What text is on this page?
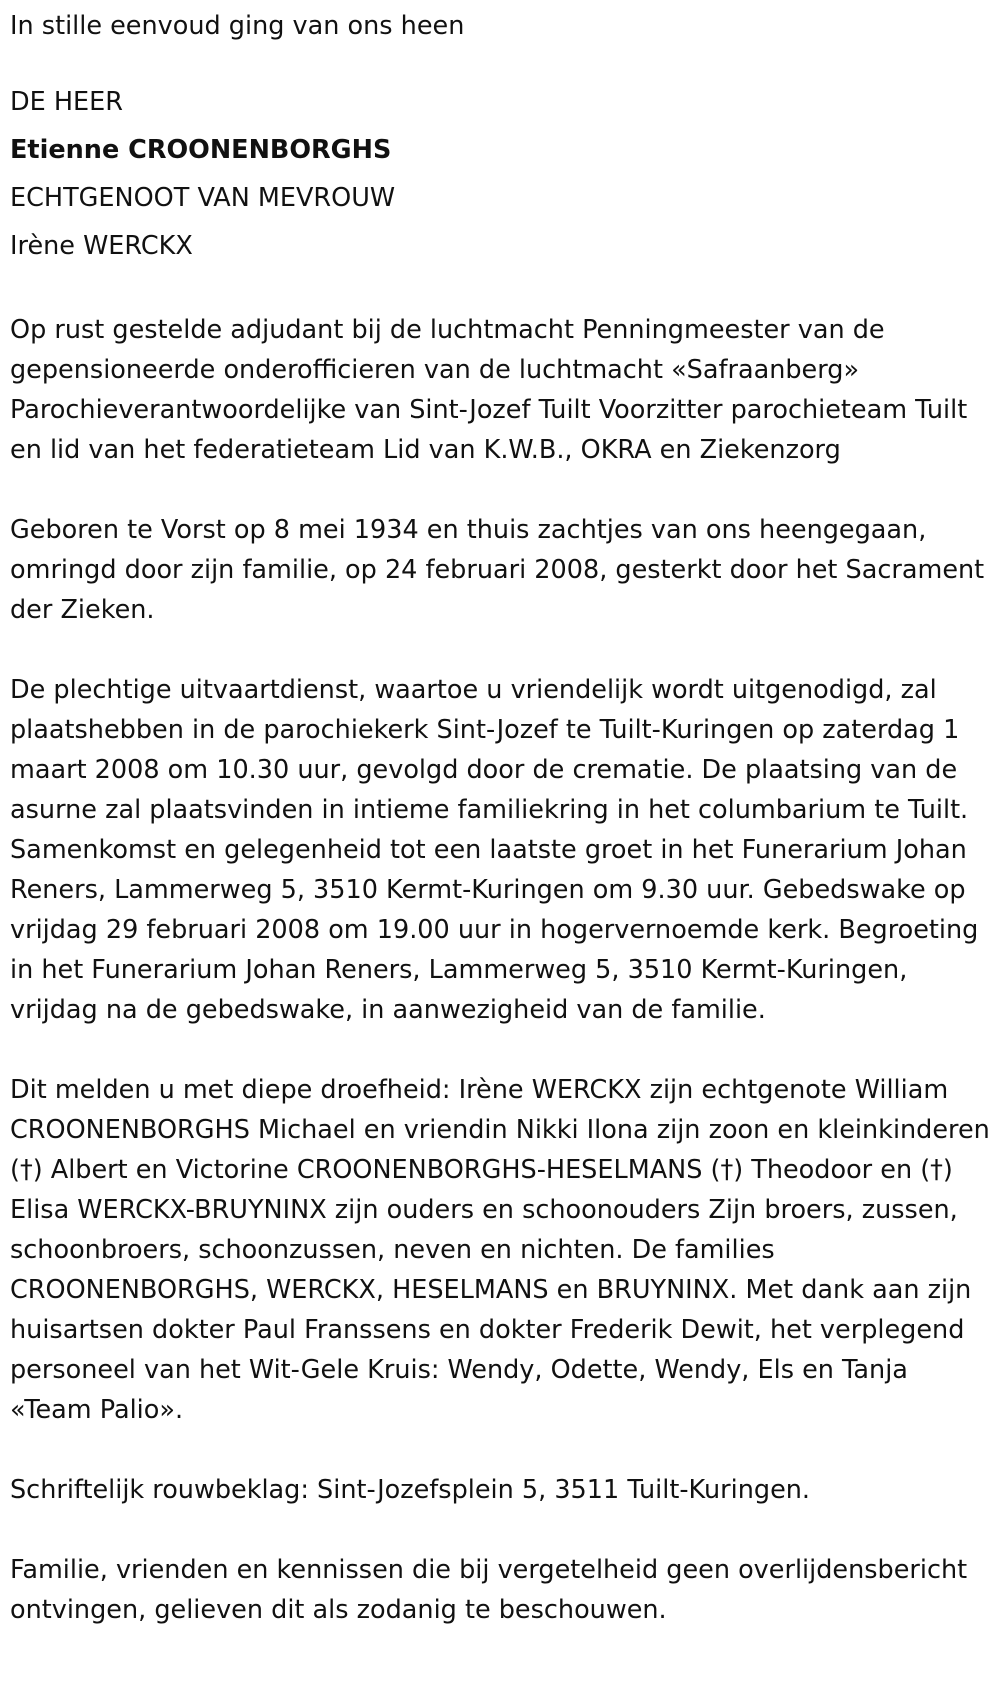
In stille eenvoud ging van ons heen

DE HEER

Etienne CROONENBORGHS

ECHTGENOOT VAN MEVROUW

Irène WERCKX

Op rust gestelde adjudant bij de luchtmacht Penningmeester van de gepensioneerde onderofficieren van de luchtmacht «Safraanberg» Parochieverantwoordelijke van Sint-Jozef Tuilt Voorzitter parochieteam Tuilt en lid van het federatieteam Lid van K.W.B., OKRA en Ziekenzorg

Geboren te Vorst op 8 mei 1934 en thuis zachtjes van ons heengegaan, omringd door zijn familie, op 24 februari 2008, gesterkt door het Sacrament der Zieken.

De plechtige uitvaartdienst, waartoe u vriendelijk wordt uitgenodigd, zal plaatshebben in de parochiekerk Sint-Jozef te Tuilt-Kuringen op zaterdag 1 maart 2008 om 10.30 uur, gevolgd door de crematie. De plaatsing van de asurne zal plaatsvinden in intieme familiekring in het columbarium te Tuilt. Samenkomst en gelegenheid tot een laatste groet in het Funerarium Johan Reners, Lammerweg 5, 3510 Kermt-Kuringen om 9.30 uur. Gebedswake op vrijdag 29 februari 2008 om 19.00 uur in hogervernoemde kerk. Begroeting in het Funerarium Johan Reners, Lammerweg 5, 3510 Kermt-Kuringen, vrijdag na de gebedswake, in aanwezigheid van de familie.

Dit melden u met diepe droefheid: Irène WERCKX zijn echtgenote William CROONENBORGHS Michael en vriendin Nikki Ilona zijn zoon en kleinkinderen (†) Albert en Victorine CROONENBORGHS-HESELMANS (†) Theodoor en (†) Elisa WERCKX-BRUYNINX zijn ouders en schoonouders Zijn broers, zussen, schoonbroers, schoonzussen, neven en nichten. De families CROONENBORGHS, WERCKX, HESELMANS en BRUYNINX. Met dank aan zijn huisartsen dokter Paul Franssens en dokter Frederik Dewit, het verplegend personeel van het Wit-Gele Kruis: Wendy, Odette, Wendy, Els en Tanja «Team Palio».

Schriftelijk rouwbeklag: Sint-Jozefsplein 5, 3511 Tuilt-Kuringen.

Familie, vrienden en kennissen die bij vergetelheid geen overlijdensbericht ontvingen, gelieven dit als zodanig te beschouwen.
